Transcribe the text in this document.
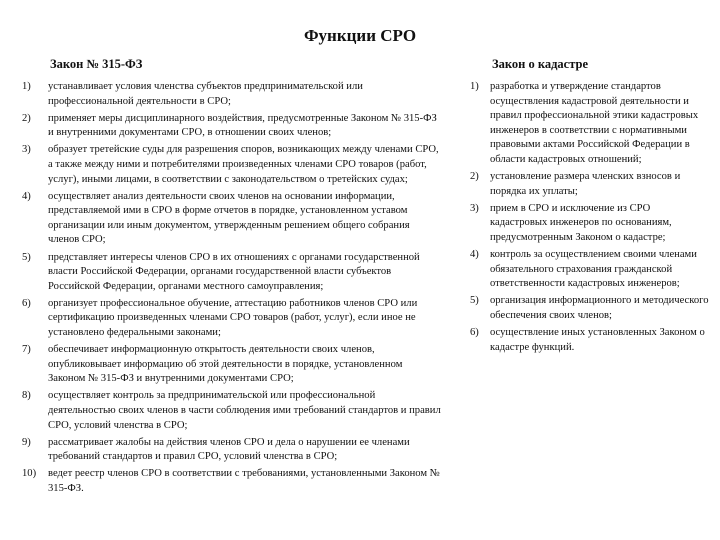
Функции СРО
Закон № 315-ФЗ	Закон о кадастре
1)	устанавливает условия членства субъектов предпринимательской или профессиональной деятельности в СРО;
2)	применяет меры дисциплинарного воздействия, предусмотренные Законом № 315-ФЗ и внутренними документами СРО, в отношении своих членов;
3)	образует третейские суды для разрешения споров, возникающих между членами СРО, а также между ними и потребителями произведенных членами СРО товаров (работ, услуг), иными лицами, в соответствии с законодательством о третейских судах;
4)	осуществляет анализ деятельности своих членов на основании информации, представляемой ими в СРО в форме отчетов в порядке, установленном уставом организации или иным документом, утвержденным решением общего собрания членов СРО;
5)	представляет интересы членов СРО в их отношениях с органами государственной власти Российской Федерации, органами государственной власти субъектов Российской Федерации, органами местного самоуправления;
6)	организует профессиональное обучение, аттестацию работников членов СРО или сертификацию произведенных членами СРО товаров (работ, услуг), если иное не установлено федеральными законами;
7)	обеспечивает информационную открытость деятельности своих членов, опубликовывает информацию об этой деятельности в порядке, установленном Законом № 315-ФЗ и внутренними документами СРО;
8)	осуществляет контроль за предпринимательской или профессиональной деятельностью своих членов в части соблюдения ими требований стандартов и правил СРО, условий членства в СРО;
9)	рассматривает жалобы на действия членов СРО и дела о нарушении ее членами требований стандартов и правил СРО, условий членства в СРО;
10)	ведет реестр членов СРО в соответствии с требованиями, установленными Законом № 315-ФЗ.
1)	разработка и утверждение стандартов осуществления кадастровой деятельности и правил профессиональной этики кадастровых инженеров в соответствии с нормативными правовыми актами Российской Федерации в области кадастровых отношений;
2)	установление размера членских взносов и порядка их уплаты;
3)	прием в СРО и исключение из СРО кадастровых инженеров по основаниям, предусмотренным Законом о кадастре;
4)	контроль за осуществлением своими членами обязательного страхования гражданской ответственности кадастровых инженеров;
5)	организация информационного и методического обеспечения своих членов;
6)	осуществление иных установленных Законом о кадастре функций.
